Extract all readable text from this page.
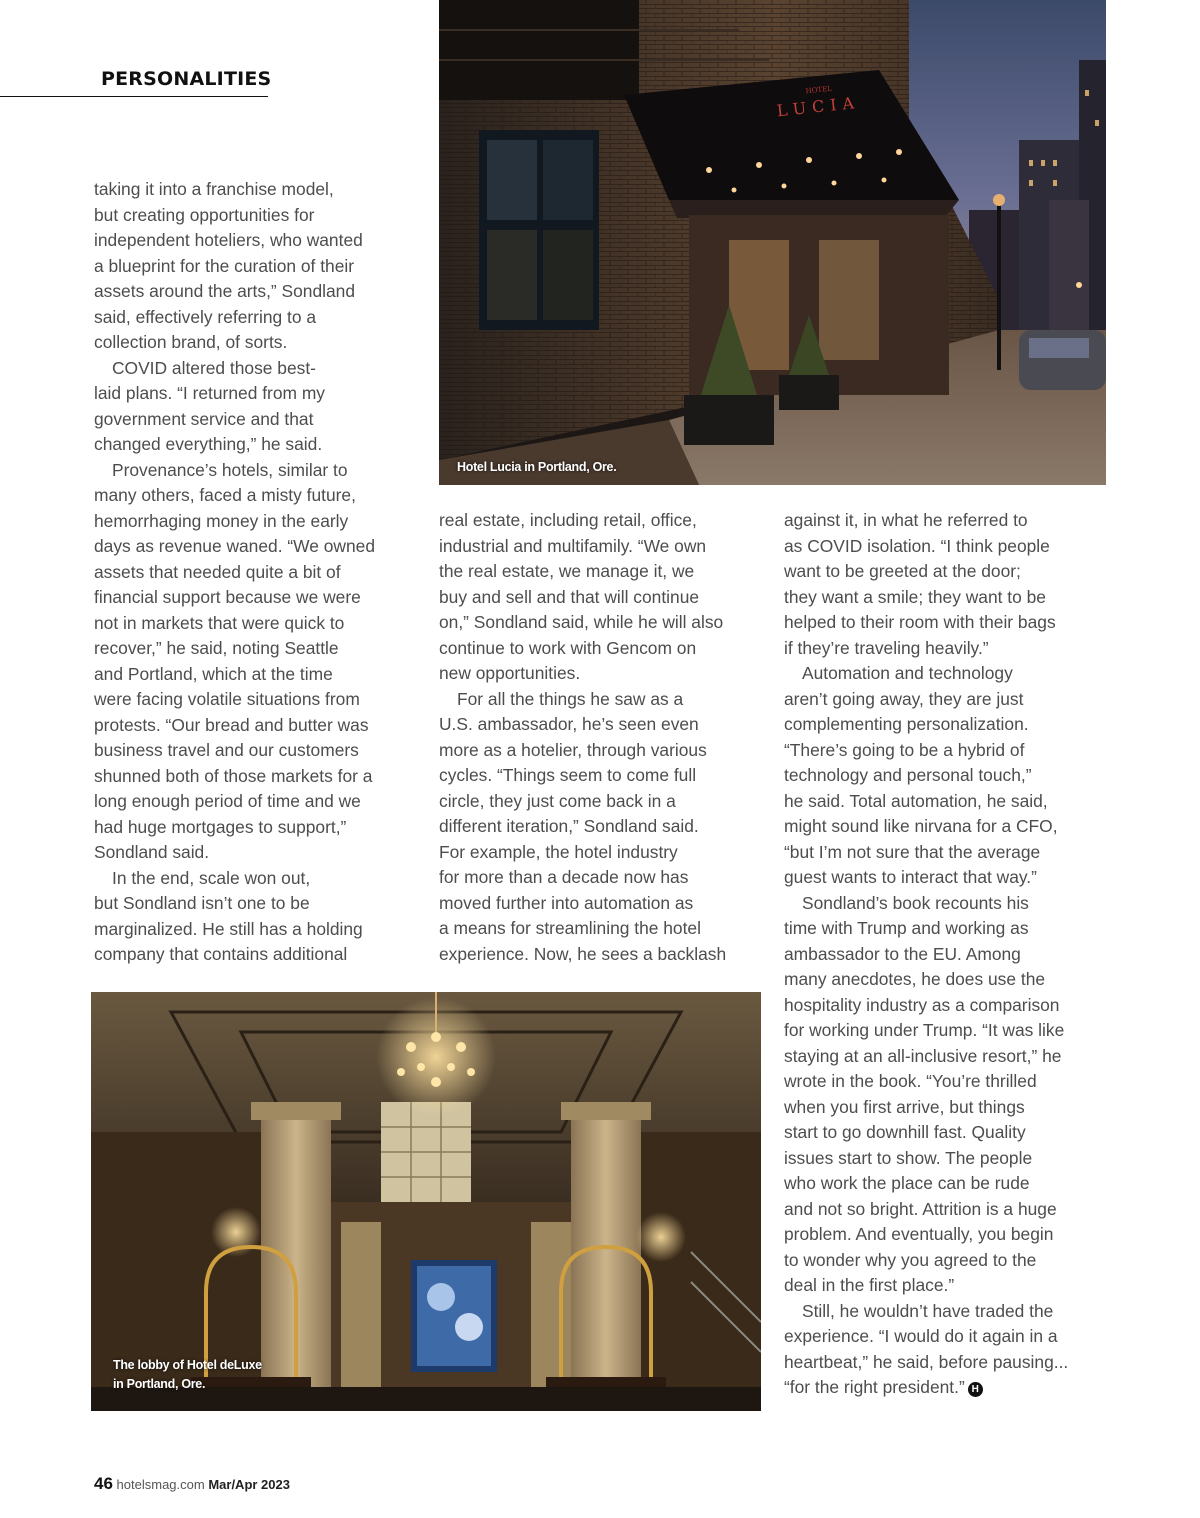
PERSONALITIES
HOTEL
LUCIA
Hotel Lucia in Portland, Ore.
taking it into a franchise model,
but creating opportunities for
independent hoteliers, who wanted
a blueprint for the curation of their
assets around the arts,” Sondland
said, effectively referring to a
collection brand, of sorts.
COVID altered those best-
laid plans. “I returned from my
government service and that
changed everything,” he said.
Provenance’s hotels, similar to
many others, faced a misty future,
hemorrhaging money in the early
days as revenue waned. “We owned
assets that needed quite a bit of
financial support because we were
not in markets that were quick to
recover,” he said, noting Seattle
and Portland, which at the time
were facing volatile situations from
protests. “Our bread and butter was
business travel and our customers
shunned both of those markets for a
long enough period of time and we
had huge mortgages to support,”
Sondland said.
In the end, scale won out,
but Sondland isn’t one to be
marginalized. He still has a holding
company that contains additional
real estate, including retail, office,
industrial and multifamily. “We own
the real estate, we manage it, we
buy and sell and that will continue
on,” Sondland said, while he will also
continue to work with Gencom on
new opportunities.
For all the things he saw as a
U.S. ambassador, he’s seen even
more as a hotelier, through various
cycles. “Things seem to come full
circle, they just come back in a
different iteration,” Sondland said.
For example, the hotel industry
for more than a decade now has
moved further into automation as
a means for streamlining the hotel
experience. Now, he sees a backlash
against it, in what he referred to
as COVID isolation. “I think people
want to be greeted at the door;
they want a smile; they want to be
helped to their room with their bags
if they’re traveling heavily.”
Automation and technology
aren’t going away, they are just
complementing personalization.
“There’s going to be a hybrid of
technology and personal touch,”
he said. Total automation, he said,
might sound like nirvana for a CFO,
“but I’m not sure that the average
guest wants to interact that way.”
Sondland’s book recounts his
time with Trump and working as
ambassador to the EU. Among
many anecdotes, he does use the
hospitality industry as a comparison
for working under Trump. “It was like
staying at an all-inclusive resort,” he
wrote in the book. “You’re thrilled
when you first arrive, but things
start to go downhill fast. Quality
issues start to show. The people
who work the place can be rude
and not so bright. Attrition is a huge
problem. And eventually, you begin
to wonder why you agreed to the
deal in the first place.”
Still, he wouldn’t have traded the
experience. “I would do it again in a
heartbeat,” he said, before pausing...
“for the right president.” H
The lobby of Hotel deLuxe
in Portland, Ore.
46 hotelsmag.com Mar/Apr 2023
